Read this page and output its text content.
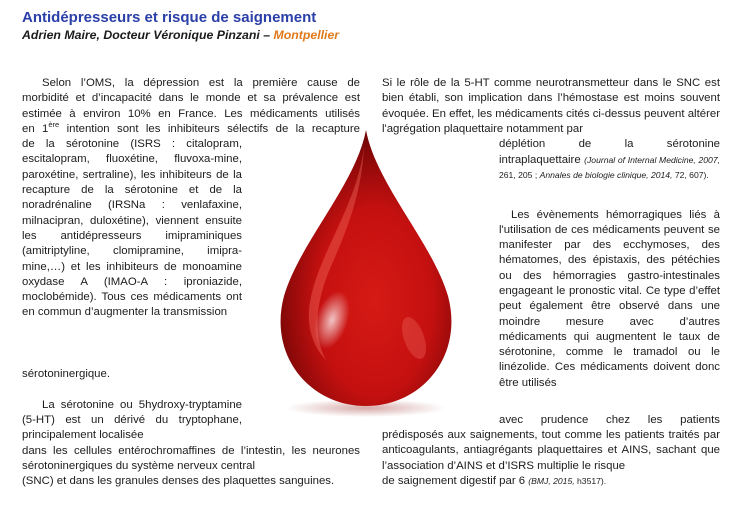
Antidépresseurs et risque de saignement
Adrien Maire, Docteur Véronique Pinzani – Montpellier

Selon l’OMS, la dépression est la première cause de

morbidité et d’incapacité dans le monde et sa prévalence est

estimée à environ 10% en France. Les médicaments utilisés

en 1ère intention sont les inhibiteurs sélectifs de la recapture

de la sérotonine (ISRS : citalopram, escitalopram, fluoxétine, fluvoxa-mine, paroxétine, sertraline), les inhibiteurs de la recapture de la sérotonine et de la noradrénaline (IRSNa : venlafaxine, milnacipran, duloxétine), viennent ensuite les antidépresseurs imipraminiques (amitriptyline, clomipramine, imipra-mine,…) et les inhibiteurs de monoamine oxydase A (IMAO-A : iproniazide, moclobémide). Tous ces médicaments ont en commun d’augmenter la transmission

sérotoninergique.

La sérotonine ou 5hydroxy-tryptamine (5-HT) est un dérivé du tryptophane, principalement localisée

dans les cellules entérochromaffines de l’intestin, les neurones sérotoninergiques du système nerveux central

(SNC) et dans les granules denses des plaquettes sanguines.

Si le rôle de la 5-HT comme neurotransmetteur dans le SNC est bien établi, son implication dans l’hémostase est moins souvent évoquée. En effet, les médicaments cités ci-dessus peuvent altérer l'agrégation plaquettaire notamment par

déplétion de la sérotonine

intraplaquettaire (Journal of Internal Medicine, 2007, 261, 205 ; Annales de biologie clinique, 2014, 72, 607).

Les évènements hémorragiques liés à l'utilisation de ces médicaments peuvent se manifester par des ecchymoses, des hématomes, des épistaxis, des pétéchies ou des hémorragies gastro-intestinales engageant le pronostic vital. Ce type d’effet peut également être observé dans une moindre mesure avec d’autres médicaments qui augmentent le taux de sérotonine, comme le tramadol ou le linézolide. Ces médicaments doivent donc être utilisés

avec prudence chez les patients

prédisposés aux saignements, tout comme les patients traités par anticoagulants, antiagrégants plaquettaires et AINS, sachant que l’association d’AINS et d’ISRS multiplie le risque

de saignement digestif par 6 (BMJ, 2015, h3517).
